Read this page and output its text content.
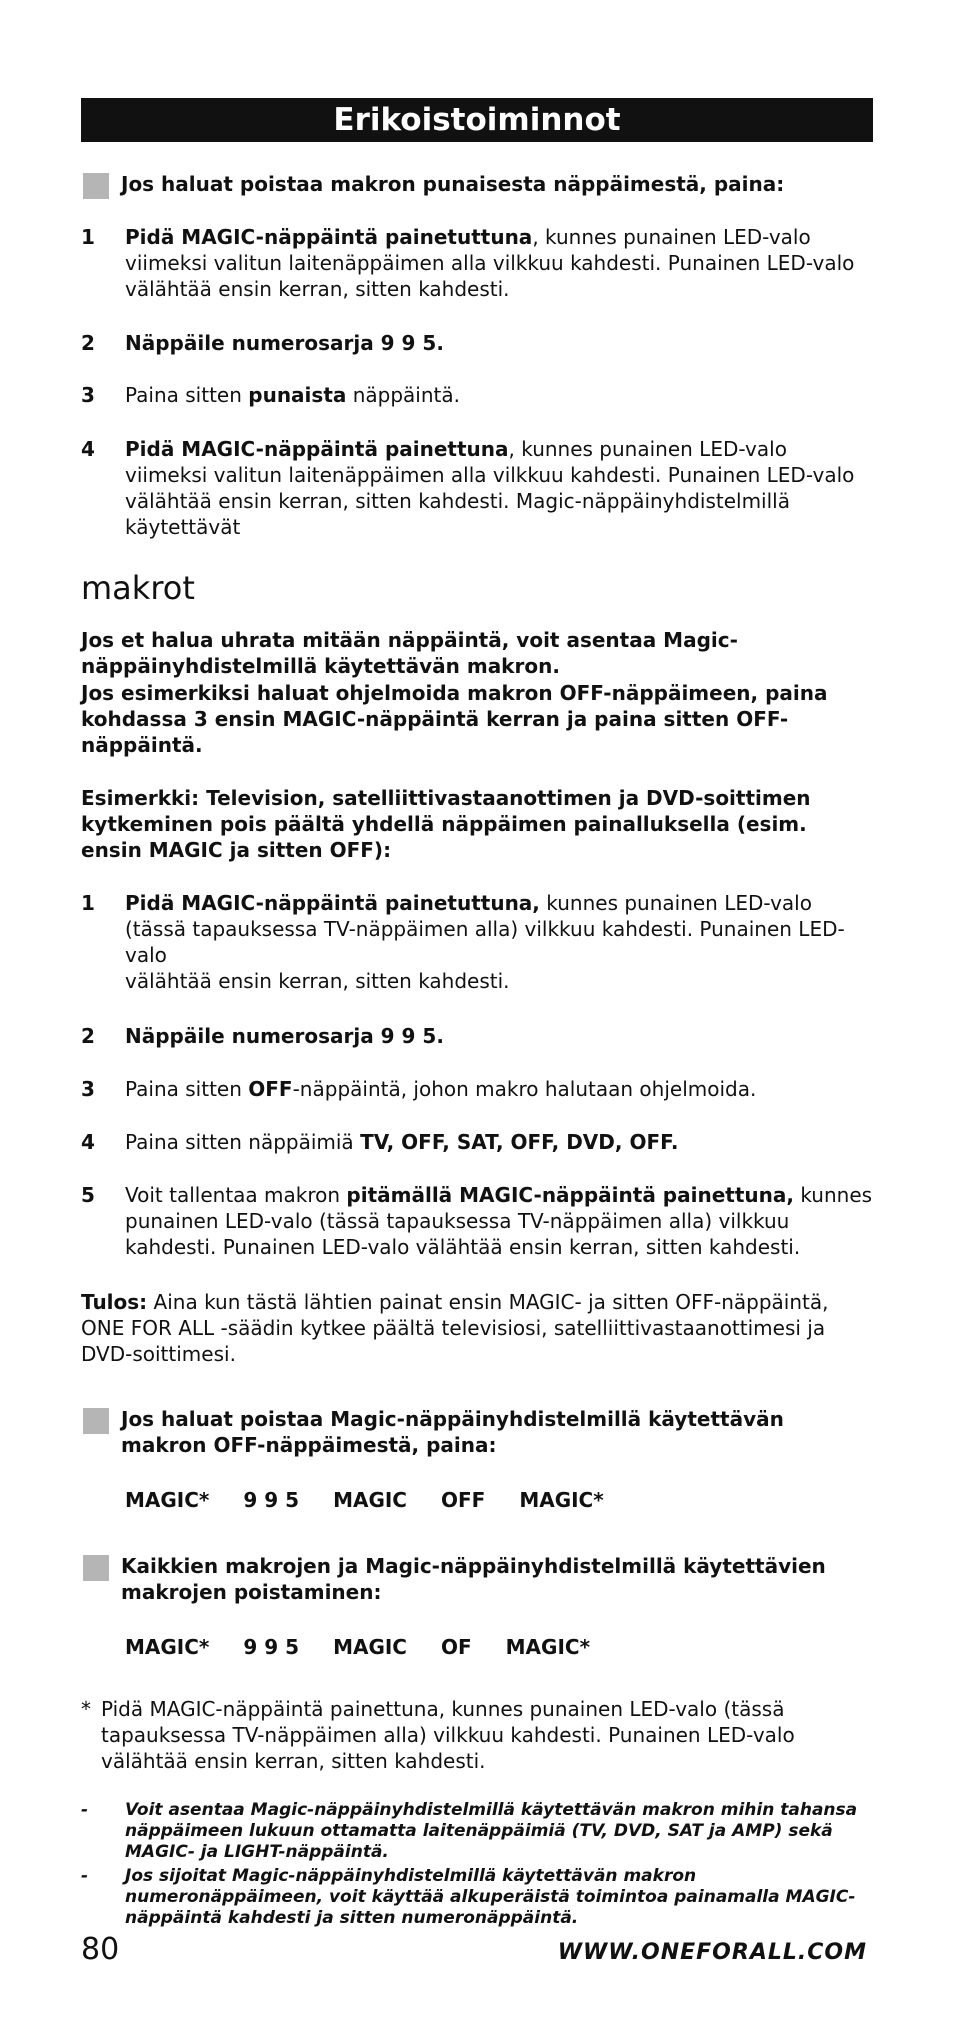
Erikoistoiminnot
Jos haluat poistaa makron punaisesta näppäimestä, paina:
1 Pidä MAGIC-näppäintä painetuttuna, kunnes punainen LED-valo viimeksi valitun laitenäppäimen alla vilkkuu kahdesti. Punainen LED-valo välähtää ensin kerran, sitten kahdesti.
2 Näppäile numerosarja 9 9 5.
3 Paina sitten punaista näppäintä.
4 Pidä MAGIC-näppäintä painettuna, kunnes punainen LED-valo viimeksi valitun laitenäppäimen alla vilkkuu kahdesti. Punainen LED-valo välähtää ensin kerran, sitten kahdesti. Magic-näppäinyhdistelmillä käytettävät
makrot
Jos et halua uhrata mitään näppäintä, voit asentaa Magic-näppäinyhdistelmillä käytettävän makron.
Jos esimerkiksi haluat ohjelmoida makron OFF-näppäimeen, paina kohdassa 3 ensin MAGIC-näppäintä kerran ja paina sitten OFF-näppäintä.
Esimerkki: Television, satelliittivastaanottimen ja DVD-soittimen kytkeminen pois päältä yhdellä näppäimen painalluksella (esim. ensin MAGIC ja sitten OFF):
1 Pidä MAGIC-näppäintä painetuttuna, kunnes punainen LED-valo (tässä tapauksessa TV-näppäimen alla) vilkkuu kahdesti. Punainen LED-valo
välähtää ensin kerran, sitten kahdesti.
2 Näppäile numerosarja 9 9 5.
3 Paina sitten OFF-näppäintä, johon makro halutaan ohjelmoida.
4 Paina sitten näppäimiä TV, OFF, SAT, OFF, DVD, OFF.
5 Voit tallentaa makron pitämällä MAGIC-näppäintä painettuna, kunnes punainen LED-valo (tässä tapauksessa TV-näppäimen alla) vilkkuu kahdesti. Punainen LED-valo välähtää ensin kerran, sitten kahdesti.
Tulos: Aina kun tästä lähtien painat ensin MAGIC- ja sitten OFF-näppäintä, ONE FOR ALL -säädin kytkee päältä televisiosi, satelliittivastaanottimesi ja DVD-soittimesi.
Jos haluat poistaa Magic-näppäinyhdistelmillä käytettävän makron OFF-näppäimestä, paina:
MAGIC* 9 9 5 MAGIC OFF MAGIC*
Kaikkien makrojen ja Magic-näppäinyhdistelmillä käytettävien makrojen poistaminen:
MAGIC* 9 9 5 MAGIC OF MAGIC*
* Pidä MAGIC-näppäintä painettuna, kunnes punainen LED-valo (tässä tapauksessa TV-näppäimen alla) vilkkuu kahdesti. Punainen LED-valo välähtää ensin kerran, sitten kahdesti.
- Voit asentaa Magic-näppäinyhdistelmillä käytettävän makron mihin tahansa näppäimeen lukuun ottamatta laitenäppäimiä (TV, DVD, SAT ja AMP) sekä MAGIC- ja LIGHT-näppäintä.
- Jos sijoitat Magic-näppäinyhdistelmillä käytettävän makron numeronäppäimeen, voit käyttää alkuperäistä toimintoa painamalla MAGIC-näppäintä kahdesti ja sitten numeronäppäintä.
80	WWW.ONEFORALL.COM
